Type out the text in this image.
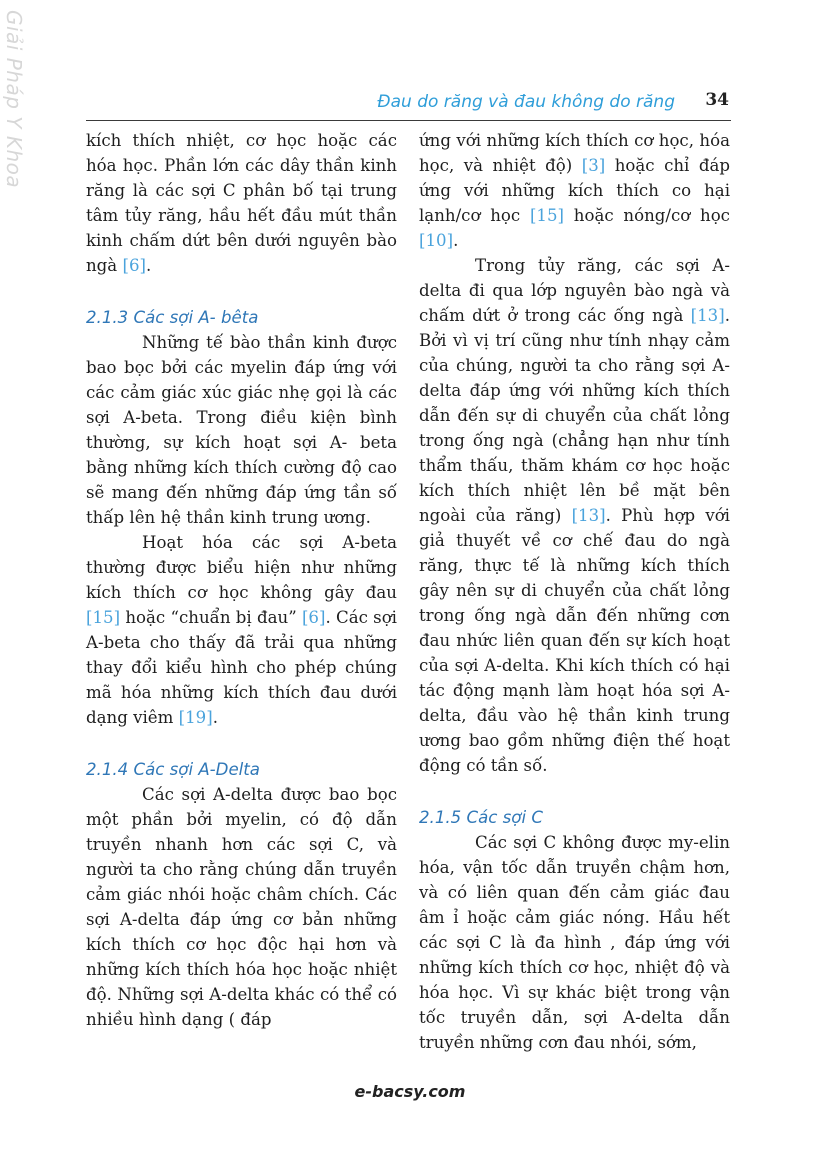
Giải Pháp Y Khoa	Đau do răng và đau không do răng 34

kích thích nhiệt, cơ học hoặc các hóa học. Phần lớn các dây thần kinh răng là các sợi C phân bố tại trung tâm tủy răng, hầu hết đầu mút thần kinh chấm dứt bên dưới nguyên bào ngà [6].

2.1.3 Các sợi A- bêta

Những tế bào thần kinh được bao bọc bởi các myelin đáp ứng với các cảm giác xúc giác nhẹ gọi là các sợi A-beta. Trong điều kiện bình thường, sự kích hoạt sợi A- beta bằng những kích thích cường độ cao sẽ mang đến những đáp ứng tần số thấp lên hệ thần kinh trung ương.

Hoạt hóa các sợi A-beta thường được biểu hiện như những kích thích cơ học không gây đau [15] hoặc “chuẩn bị đau” [6]. Các sợi A-beta cho thấy đã trải qua những thay đổi kiểu hình cho phép chúng mã hóa những kích thích đau dưới dạng viêm [19].

2.1.4 Các sợi A-Delta

Các sợi A-delta được bao bọc một phần bởi myelin, có độ dẫn truyền nhanh hơn các sợi C, và người ta cho rằng chúng dẫn truyền cảm giác nhói hoặc châm chích. Các sợi A-delta đáp ứng cơ bản những kích thích cơ học độc hại hơn và những kích thích hóa học hoặc nhiệt độ. Những sợi A-delta khác có thể có nhiều hình dạng ( đáp

ứng với những kích thích cơ học, hóa học, và nhiệt độ) [3] hoặc chỉ đáp ứng với những kích thích co hại lạnh/cơ học [15] hoặc nóng/cơ học [10].

Trong tủy răng, các sợi A-delta đi qua lớp nguyên bào ngà và chấm dứt ở trong các ống ngà [13]. Bởi vì vị trí cũng như tính nhạy cảm của chúng, người ta cho rằng sợi A-delta đáp ứng với những kích thích dẫn đến sự di chuyển của chất lỏng trong ống ngà (chẳng hạn như tính thẩm thấu, thăm khám cơ học hoặc kích thích nhiệt lên bề mặt bên ngoài của răng) [13]. Phù hợp với giả thuyết về cơ chế đau do ngà răng, thực tế là những kích thích gây nên sự di chuyển của chất lỏng trong ống ngà dẫn đến những cơn đau nhức liên quan đến sự kích hoạt của sợi A-delta. Khi kích thích có hại tác động mạnh làm hoạt hóa sợi A-delta, đầu vào hệ thần kinh trung ương bao gồm những điện thế hoạt động có tần số.

2.1.5 Các sợi C

Các sợi C không được my-elin hóa, vận tốc dẫn truyền chậm hơn, và có liên quan đến cảm giác đau âm ỉ hoặc cảm giác nóng. Hầu hết các sợi C là đa hình , đáp ứng với những kích thích cơ học, nhiệt độ và hóa học. Vì sự khác biệt trong vận tốc truyền dẫn, sợi A-delta dẫn truyền những cơn đau nhói, sớm,

e-bacsy.com
